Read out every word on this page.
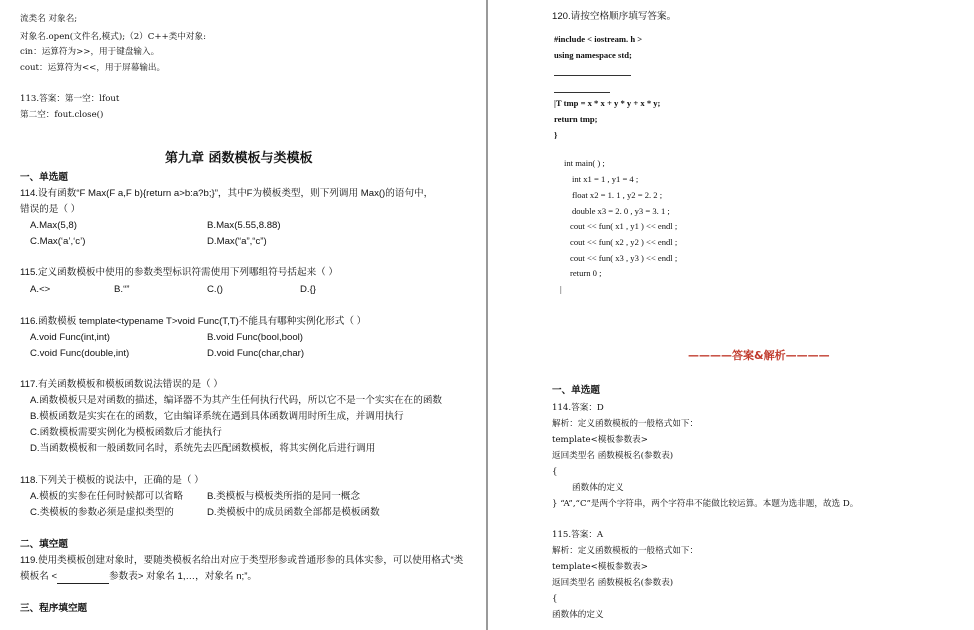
流类名 对象名;
对象名.open(文件名,模式);（2）C++类中对象:
cin：运算符为>>，用于键盘输入。
cout：运算符为<<，用于屏幕输出。
113.答案：第一空：lfout
第二空：fout.close()
第九章 函数模板与类模板
一、单选题
114.设有函数“F Max(F a,F b){return a>b:a?b;}”，其中F为模板类型，则下列调用 Max()的语句中，
错误的是（ ）
A.Max(5,8)	B.Max(5.55,8.88)
C.Max(‘a’,‘c’)	D.Max(“a”,“c”)
115.定义函数模板中使用的参数类型标识符需使用下列哪组符号括起来（ ）
A.<>	B.“”	C.()	D.{}
116.函数模板 template<typename T>void Func(T,T)不能具有哪种实例化形式（ ）
A.void Func(int,int)	B.void Func(bool,bool)
C.void Func(double,int)	D.void Func(char,char)
117.有关函数模板和模板函数说法错误的是（ ）
A.函数模板只是对函数的描述，编译器不为其产生任何执行代码，所以它不是一个实实在在的函数
B.模板函数是实实在在的函数，它由编译系统在遇到具体函数调用时所生成，并调用执行
C.函数模板需要实例化为模板函数后才能执行
D.当函数模板和一般函数同名时，系统先去匹配函数模板，将其实例化后进行调用
118.下列关于模板的说法中，正确的是（ ）
A.模板的实参在任何时候都可以省略	B.类模板与模板类所指的是同一概念
C.类模板的参数必须是虚拟类型的	D.类模板中的成员函数全部都是模板函数
二、填空题
119.使用类模板创建对象时，要随类模板名给出对应于类型形参或普通形参的具体实参，可以使用格式“类
模板名 <	参数表> 对象名 1,…，对象名 n;”。
三、程序填空题
120.请按空格顺序填写答案。
#include < iostream. h >
using namespace std;
|T tmp = x * x + y * y + x * y;
return tmp;
}
int main( ) ;
int x1 = 1 , y1 = 4 ;
float x2 = 1. 1 , y2 = 2. 2 ;
double x3 = 2. 0 , y3 = 3. 1 ;
cout << fun( x1 , y1 ) << endl ;
cout << fun( x2 , y2 ) << endl ;
cout << fun( x3 , y3 ) << endl ;
return 0 ;
|
————答案&解析————
一、单选题
114.答案：D
解析：定义函数模板的一般格式如下：
template<模板参数表>
返回类型名 函数模板名(参数表)
{
函数体的定义
} “A”,“C”是两个字符串，两个字符串不能做比较运算。本题为选非题，故选 D。
115.答案：A
解析：定义函数模板的一般格式如下：
template<模板参数表>
返回类型名 函数模板名(参数表)
{
函数体的定义
